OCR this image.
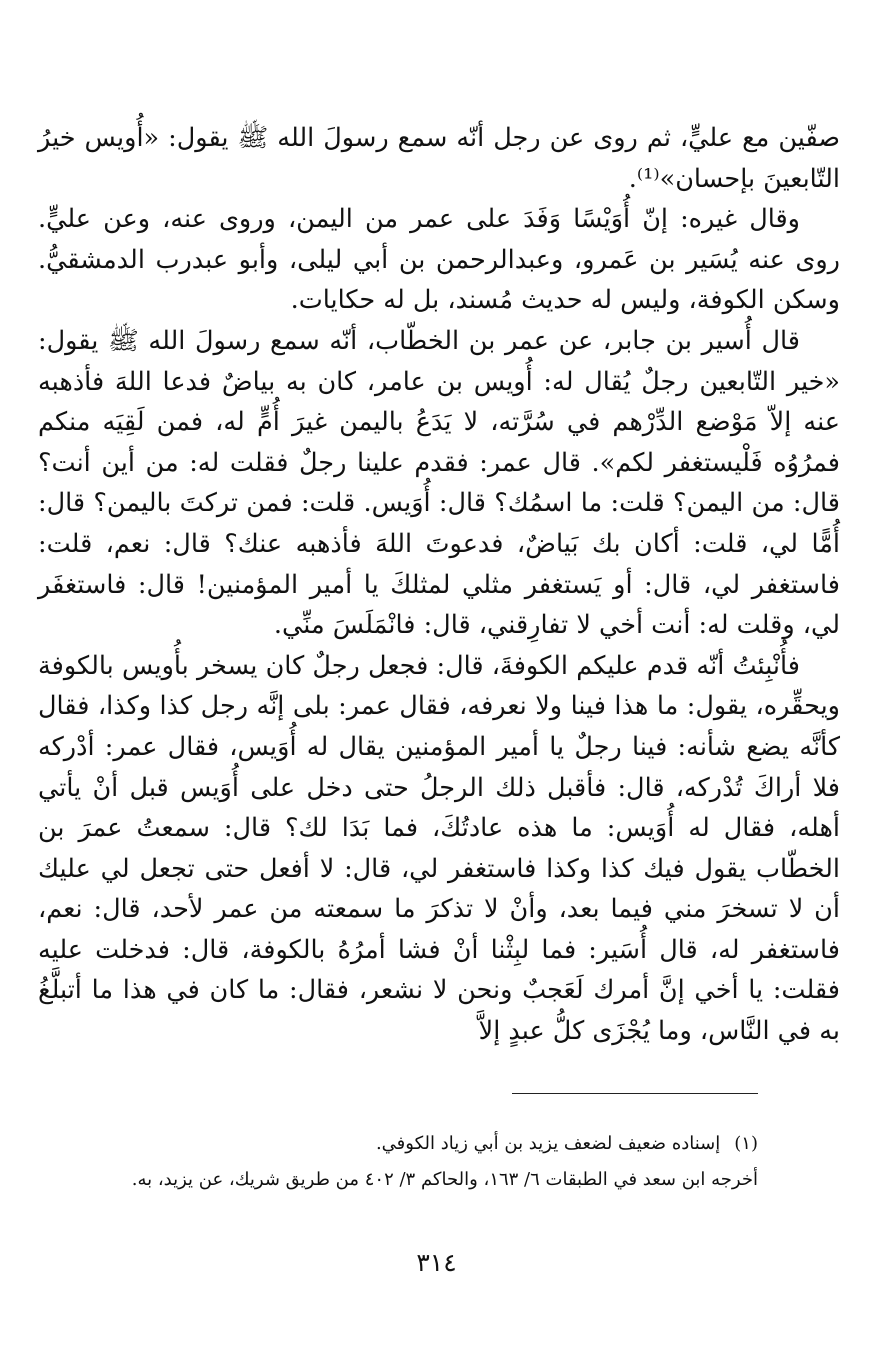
صفّين مع عليٍّ، ثم روى عن رجل أنّه سمع رسولَ الله ﷺ يقول: «أُويس خيرُ التّابعينَ بإحسان»⁽¹⁾.

وقال غيره: إنّ أُوَيْسًا وَفَدَ على عمر من اليمن، وروى عنه، وعن عليٍّ. روى عنه يُسَير بن عَمرو، وعبدالرحمن بن أبي ليلى، وأبو عبدرب الدمشقيُّ. وسكن الكوفة، وليس له حديث مُسند، بل له حكايات.

قال أُسير بن جابر، عن عمر بن الخطّاب، أنّه سمع رسولَ الله ﷺ يقول: «خير التّابعين رجلٌ يُقال له: أُويس بن عامر، كان به بياضٌ فدعا اللهَ فأذهبه عنه إلاّ مَوْضع الدِّرْهم في سُرَّته، لا يَدَعُ باليمن غيرَ أُمٍّ له، فمن لَقِيَه منكم فمرُوُه فَلْيستغفر لكم». قال عمر: فقدم علينا رجلٌ فقلت له: من أين أنت؟ قال: من اليمن؟ قلت: ما اسمُك؟ قال: أُوَيس. قلت: فمن تركتَ باليمن؟ قال: أُمًّا لي، قلت: أكان بك بَياضٌ، فدعوتَ اللهَ فأذهبه عنك؟ قال: نعم، قلت: فاستغفر لي، قال: أو يَستغفر مثلي لمثلكَ يا أمير المؤمنين! قال: فاستغفَر لي، وقلت له: أنت أخي لا تفارِقني، قال: فانْمَلَسَ منِّي.

فأُنْبِئتُ أنّه قدم عليكم الكوفةَ، قال: فجعل رجلٌ كان يسخر بأُويس بالكوفة ويحقِّره، يقول: ما هذا فينا ولا نعرفه، فقال عمر: بلى إنَّه رجل كذا وكذا، فقال كأنَّه يضع شأنه: فينا رجلٌ يا أمير المؤمنين يقال له أُوَيس، فقال عمر: أدْركه فلا أراكَ تُدْركه، قال: فأقبل ذلك الرجلُ حتى دخل على أُوَيس قبل أنْ يأتي أهله، فقال له أُوَيس: ما هذه عادتُكَ، فما بَدَا لك؟ قال: سمعتُ عمرَ بن الخطّاب يقول فيك كذا وكذا فاستغفر لي، قال: لا أفعل حتى تجعل لي عليك أن لا تسخرَ مني فيما بعد، وأنْ لا تذكرَ ما سمعته من عمر لأحد، قال: نعم، فاستغفر له، قال أُسَير: فما لبِثْنا أنْ فشا أمرُهُ بالكوفة، قال: فدخلت عليه فقلت: يا أخي إنَّ أمرك لَعَجبٌ ونحن لا نشعر، فقال: ما كان في هذا ما أتبلَّغُ به في النَّاس، وما يُجْزَى كلُّ عبدٍ إلاَّ

(١)إسناده ضعيف لضعف يزيد بن أبي زياد الكوفي.

أخرجه ابن سعد في الطبقات ٦/ ١٦٣، والحاكم ٣/ ٤٠٢ من طريق شريك، عن يزيد، به.

٣١٤
